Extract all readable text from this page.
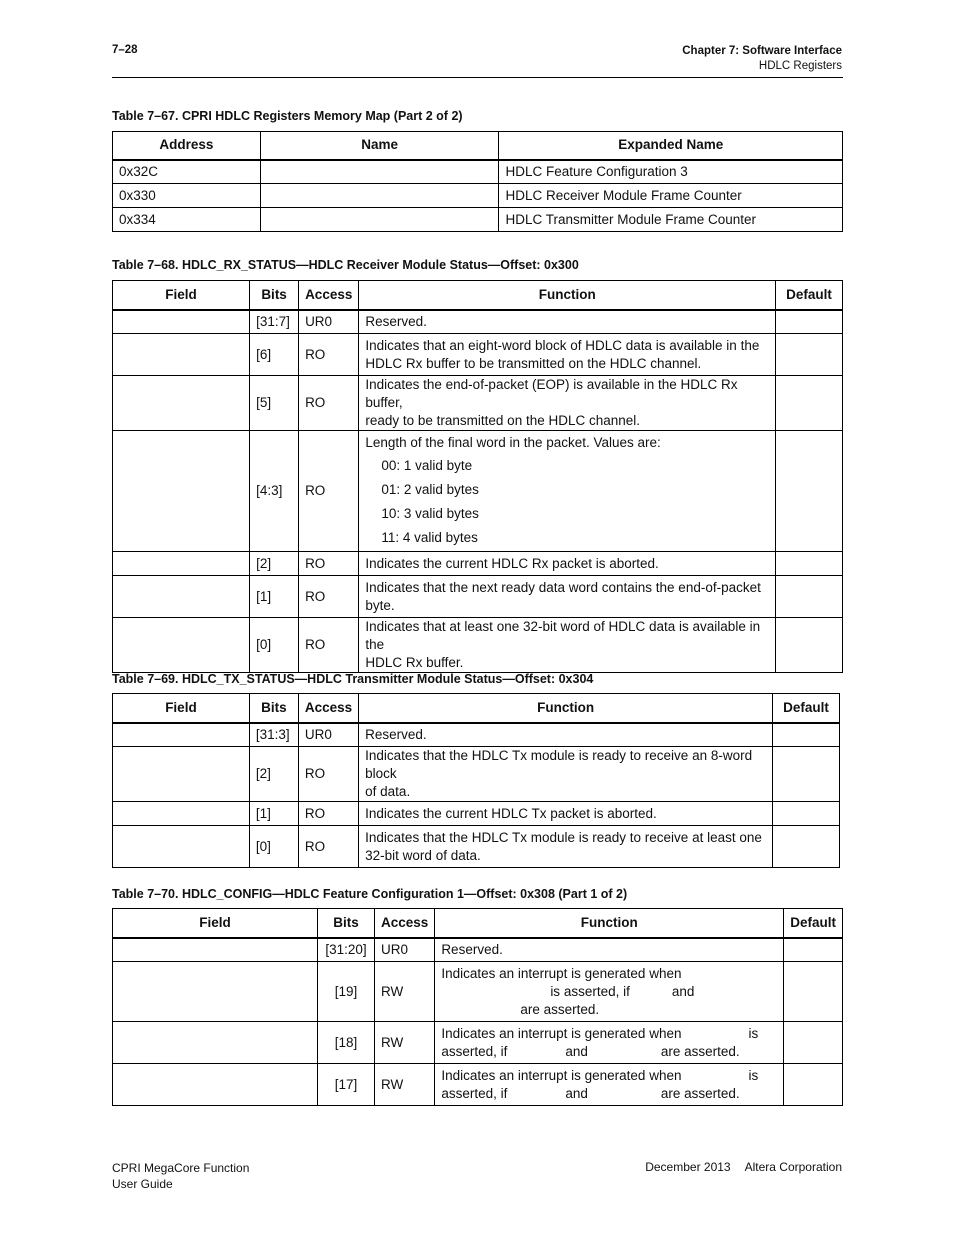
7–28	Chapter 7: Software Interface
HDLC Registers
Table 7–67. CPRI HDLC Registers Memory Map (Part 2 of 2)
Address	Name	Expanded Name
0x32C		HDLC Feature Configuration 3
0x330		HDLC Receiver Module Frame Counter
0x334		HDLC Transmitter Module Frame Counter
Table 7–68. HDLC_RX_STATUS—HDLC Receiver Module Status—Offset: 0x300
Field	Bits	Access	Function	Default
	[31:7]	UR0	Reserved.	
	[6]	RO	Indicates that an eight-word block of HDLC data is available in the
HDLC Rx buffer to be transmitted on the HDLC channel.	

	[5]	RO	Indicates the end-of-packet (EOP) is available in the HDLC Rx buffer,
ready to be transmitted on the HDLC channel.	

	[4:3]	RO	Length of the final word in the packet. Values are:
00: 1 valid byte
01: 2 valid bytes
10: 3 valid bytes
11: 4 valid bytes	

	[2]	RO	Indicates the current HDLC Rx packet is aborted.	
	[1]	RO	Indicates that the next ready data word contains the end-of-packet
byte.	

	[0]	RO	Indicates that at least one 32-bit word of HDLC data is available in the
HDLC Rx buffer.	

Table 7–69. HDLC_TX_STATUS—HDLC Transmitter Module Status—Offset: 0x304
Field	Bits	Access	Function	Default
	[31:3]	UR0	Reserved.	
	[2]	RO	Indicates that the HDLC Tx module is ready to receive an 8-word block
of data.	

	[1]	RO	Indicates the current HDLC Tx packet is aborted.	
	[0]	RO	Indicates that the HDLC Tx module is ready to receive at least one
32-bit word of data.	

Table 7–70. HDLC_CONFIG—HDLC Feature Configuration 1—Offset: 0x308 (Part 1 of 2)
Field	Bits	Access	Function	Default
	[31:20]	UR0	Reserved.	
	[19]	RW	Indicates an interrupt is generated when
is asserted, if and
are asserted.	

	[18]	RW	Indicates an interrupt is generated when is
asserted, if and are asserted.	

	[17]	RW	Indicates an interrupt is generated when is
asserted, if and are asserted.	

CPRI MegaCore Function
User Guide
December 2013 Altera Corporation
